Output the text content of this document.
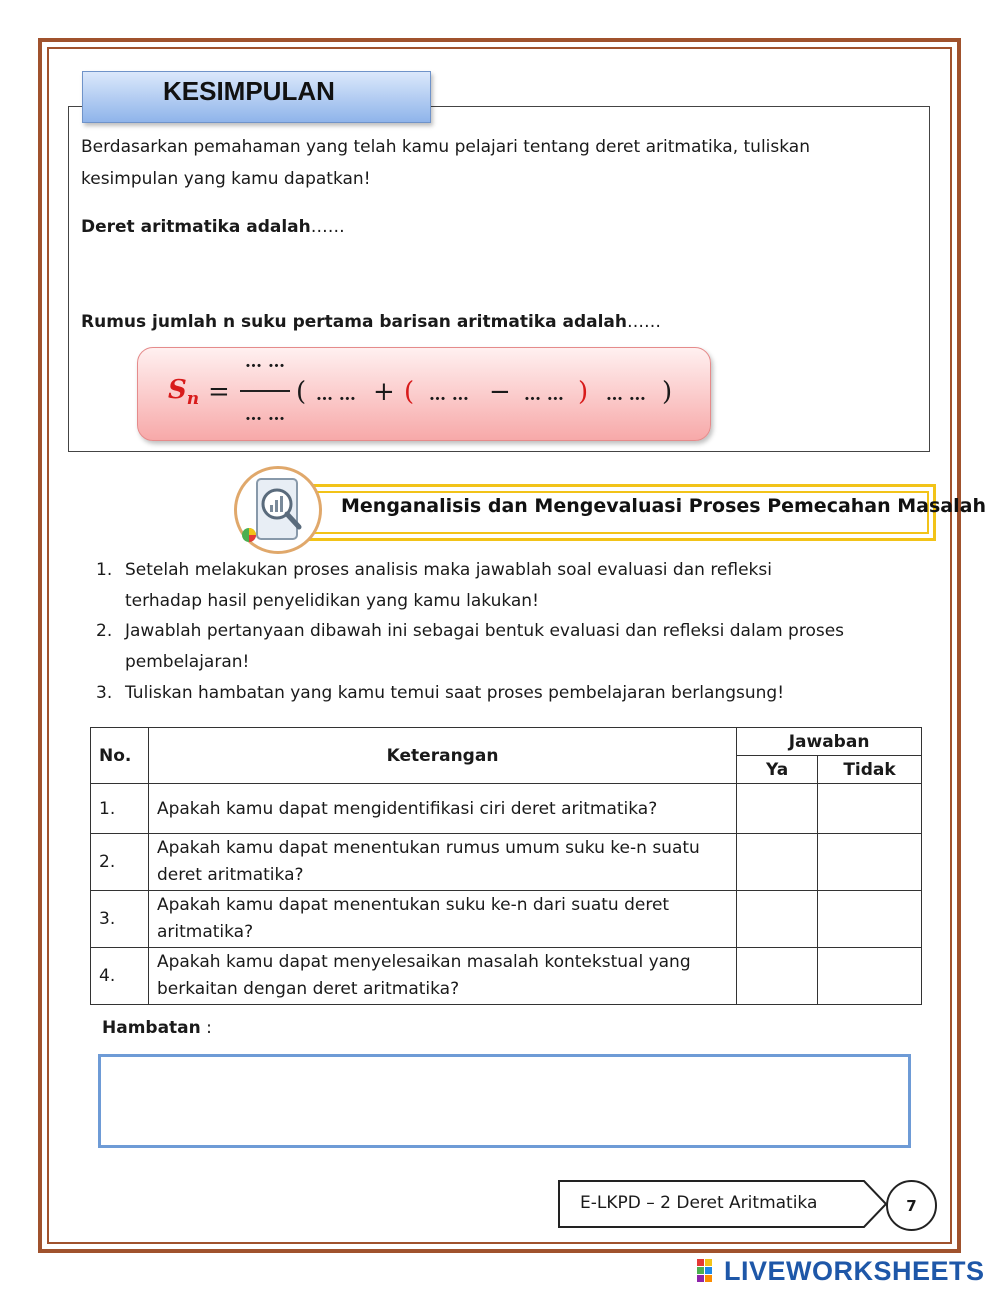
KESIMPULAN
Berdasarkan pemahaman yang telah kamu pelajari tentang deret aritmatika, tuliskan
kesimpulan yang kamu dapatkan!
Deret aritmatika adalah……
Rumus jumlah n suku pertama barisan aritmatika adalah……
$S_n$ =
… …
… …
( … … + ( … … − … … ) … … )
Menganalisis dan Mengevaluasi Proses Pemecahan Masalah
1. Setelah melakukan proses analisis maka jawablah soal evaluasi dan refleksi
terhadap hasil penyelidikan yang kamu lakukan!
2. Jawablah pertanyaan dibawah ini sebagai bentuk evaluasi dan refleksi dalam proses
pembelajaran!
3. Tuliskan hambatan yang kamu temui saat proses pembelajaran berlangsung!
No.	Keterangan	Jawaban	
		Ya	Tidak
1.	Apakah kamu dapat mengidentifikasi ciri deret aritmatika?		

2.	Apakah kamu dapat menentukan rumus umum suku ke-n suatu
deret aritmatika?		

3.	Apakah kamu dapat menentukan suku ke-n dari suatu deret
aritmatika?		

4.	Apakah kamu dapat menyelesaikan masalah kontekstual yang
berkaitan dengan deret aritmatika?		

Hambatan :
E-LKPD – 2 Deret Aritmatika	7
LIVEWORKSHEETS
